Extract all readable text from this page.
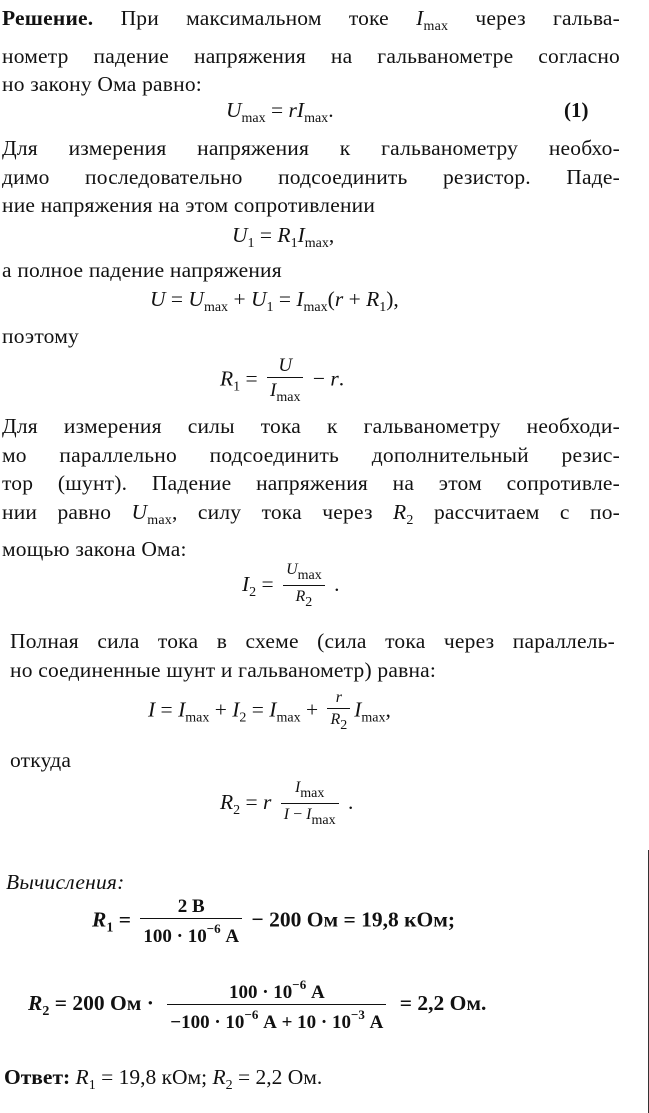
Решение. При максимальном токе $I_{max}$ через гальва-
нометр падение напряжения на гальванометре согласно
но закону Ома равно:
$U_{max} = rI_{max}$.	(1)
Для измерения напряжения к гальванометру необхо-
димо последовательно подсоединить резистор. Паде-
ние напряжения на этом сопротивлении
$U_1 = R_1I_{max}$,
а полное падение напряжения
$U = U_{max} + U_1 = I_{max}(r + R_1)$,
поэтому
$R_1 = \frac{U}{I_{max}} - r$.
Для измерения силы тока к гальванометру необходи-
мо параллельно подсоединить дополнительный резис-
тор (шунт). Падение напряжения на этом сопротивле-
нии равно $U_{max}$, силу тока через $R_2$ рассчитаем с по-
мощью закона Ома:
$I_2 = \frac{Umax}{R2}$ .
Полная сила тока в схеме (сила тока через параллель-
но соединенные шунт и гальванометр) равна:
$I = I_{max} + I_2 = I_{max} + \frac{r}{R2} I_{max}$,
откуда
$R_2 = r \frac{Imax}{I - Imax}$ .
Вычисления:
$R_1 = \frac{2 В}{100 \cdot 10^{-6} А} - 200$ Ом = 19,8 кОм;
$R_2 = 200$ Ом · $\frac{100 \cdot 10^{-6} А}{-100 \cdot 10^{-6} А + 10 \cdot 10^{-3} А} = 2,2$ Ом.
Ответ: $R_1 = 19,8$ кОм; $R_2 = 2,2$ Ом.
